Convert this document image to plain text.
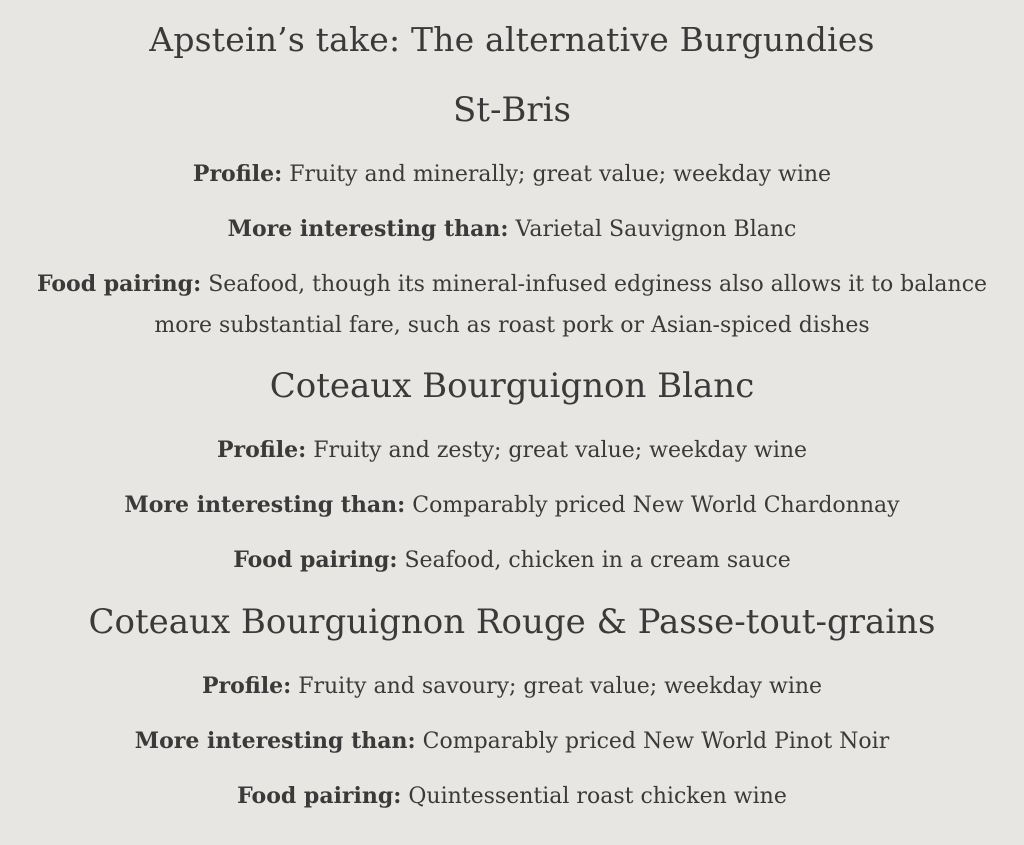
Apstein’s take: The alternative Burgundies
St-Bris

Profile: Fruity and minerally; great value; weekday wine

More interesting than: Varietal Sauvignon Blanc

Food pairing: Seafood, though its mineral-infused edginess also allows it to balance more substantial fare, such as roast pork or Asian-spiced dishes

Coteaux Bourguignon Blanc

Profile: Fruity and zesty; great value; weekday wine

More interesting than: Comparably priced New World Chardonnay

Food pairing: Seafood, chicken in a cream sauce

Coteaux Bourguignon Rouge & Passe-tout-grains

Profile: Fruity and savoury; great value; weekday wine

More interesting than: Comparably priced New World Pinot Noir

Food pairing: Quintessential roast chicken wine
